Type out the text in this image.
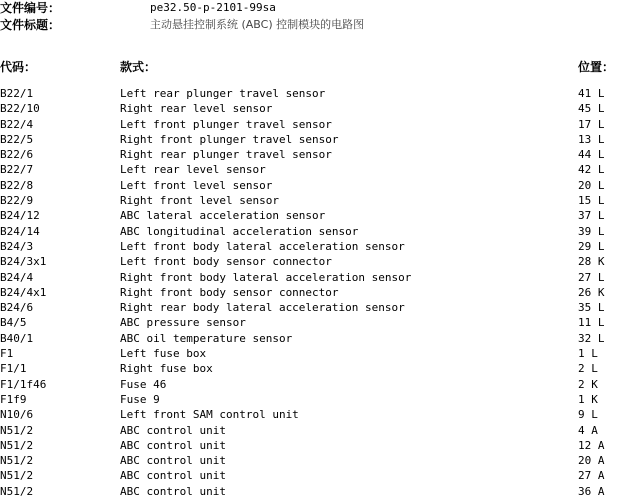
文件编号：	pe32.50-p-2101-99sa
文件标题：	主动悬挂控制系统 (ABC) 控制模块的电路图
代码：	款式：	位置：
B22/1	Left rear plunger travel sensor	41 L
B22/10	Right rear level sensor	45 L
B22/4	Left front plunger travel sensor	17 L
B22/5	Right front plunger travel sensor	13 L
B22/6	Right rear plunger travel sensor	44 L
B22/7	Left rear level sensor	42 L
B22/8	Left front level sensor	20 L
B22/9	Right front level sensor	15 L
B24/12	ABC lateral acceleration sensor	37 L
B24/14	ABC longitudinal acceleration sensor	39 L
B24/3	Left front body lateral acceleration sensor	29 L
B24/3x1	Left front body sensor connector	28 K
B24/4	Right front body lateral acceleration sensor	27 L
B24/4x1	Right front body sensor connector	26 K
B24/6	Right rear body lateral acceleration sensor	35 L
B4/5	ABC pressure sensor	11 L
B40/1	ABC oil temperature sensor	32 L
F1	Left fuse box	1 L
F1/1	Right fuse box	2 L
F1/1f46	Fuse 46	2 K
F1f9	Fuse 9	1 K
N10/6	Left front SAM control unit	9 L
N51/2	ABC control unit	4 A
N51/2	ABC control unit	12 A
N51/2	ABC control unit	20 A
N51/2	ABC control unit	27 A
N51/2	ABC control unit	36 A
